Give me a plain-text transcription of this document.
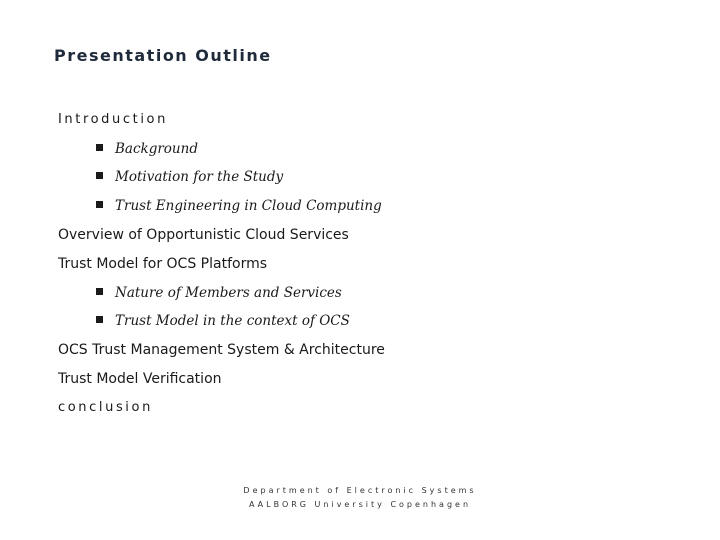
Presentation Outline
Introduction
Background
Motivation for the Study
Trust Engineering in Cloud Computing
Overview of Opportunistic Cloud Services
Trust Model for OCS Platforms
Nature of Members and Services
Trust Model in the context of OCS
OCS Trust Management System & Architecture
Trust Model Verification
conclusion
Department of Electronic Systems
AALBORG University Copenhagen
